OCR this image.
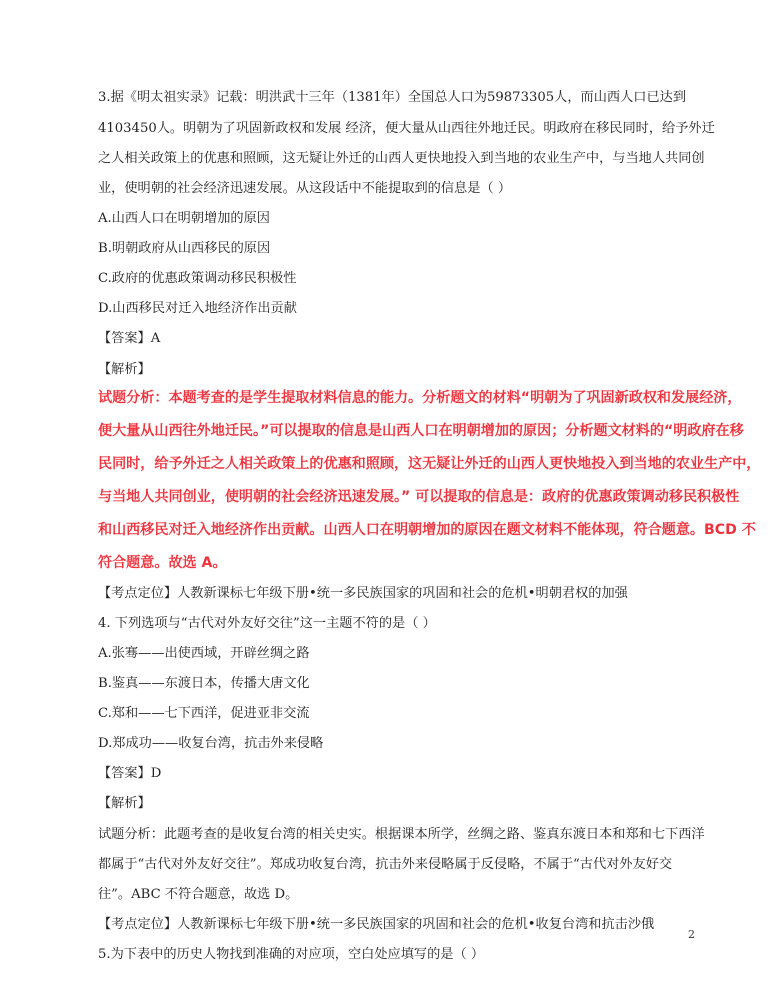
3.据《明太祖实录》记载：明洪武十三年（1381年）全国总人口为59873305人，而山西人口已达到
4103450人。明朝为了巩固新政权和发展 经济，便大量从山西往外地迁民。明政府在移民同时，给予外迁
之人相关政策上的优惠和照顾，这无疑让外迁的山西人更快地投入到当地的农业生产中，与当地人共同创
业，使明朝的社会经济迅速发展。从这段话中不能提取到的信息是（ ）
A.山西人口在明朝增加的原因
B.明朝政府从山西移民的原因
C.政府的优惠政策调动移民积极性
D.山西移民对迁入地经济作出贡献
【答案】A
【解析】
试题分析：本题考查的是学生提取材料信息的能力。分析题文的材料“明朝为了巩固新政权和发展经济，
便大量从山西往外地迁民。”可以提取的信息是山西人口在明朝增加的原因；分析题文材料的“明政府在移
民同时，给予外迁之人相关政策上的优惠和照顾，这无疑让外迁的山西人更快地投入到当地的农业生产中，
与当地人共同创业，使明朝的社会经济迅速发展。” 可以提取的信息是：政府的优惠政策调动移民积极性
和山西移民对迁入地经济作出贡献。山西人口在明朝增加的原因在题文材料不能体现，符合题意。BCD 不
符合题意。故选 A。
【考点定位】人教新课标七年级下册•统一多民族国家的巩固和社会的危机•明朝君权的加强
4. 下列选项与“古代对外友好交往”这一主题不符的是（ ）
A.张骞——出使西域，开辟丝绸之路
B.鉴真——东渡日本，传播大唐文化
C.郑和——七下西洋，促进亚非交流
D.郑成功——收复台湾，抗击外来侵略
【答案】D
【解析】
试题分析：此题考查的是收复台湾的相关史实。根据课本所学，丝绸之路、鉴真东渡日本和郑和七下西洋
都属于“古代对外友好交往”。郑成功收复台湾，抗击外来侵略属于反侵略，不属于“古代对外友好交
往”。ABC 不符合题意，故选 D。
【考点定位】人教新课标七年级下册•统一多民族国家的巩固和社会的危机•收复台湾和抗击沙俄
5.为下表中的历史人物找到准确的对应项，空白处应填写的是（ ）
2
